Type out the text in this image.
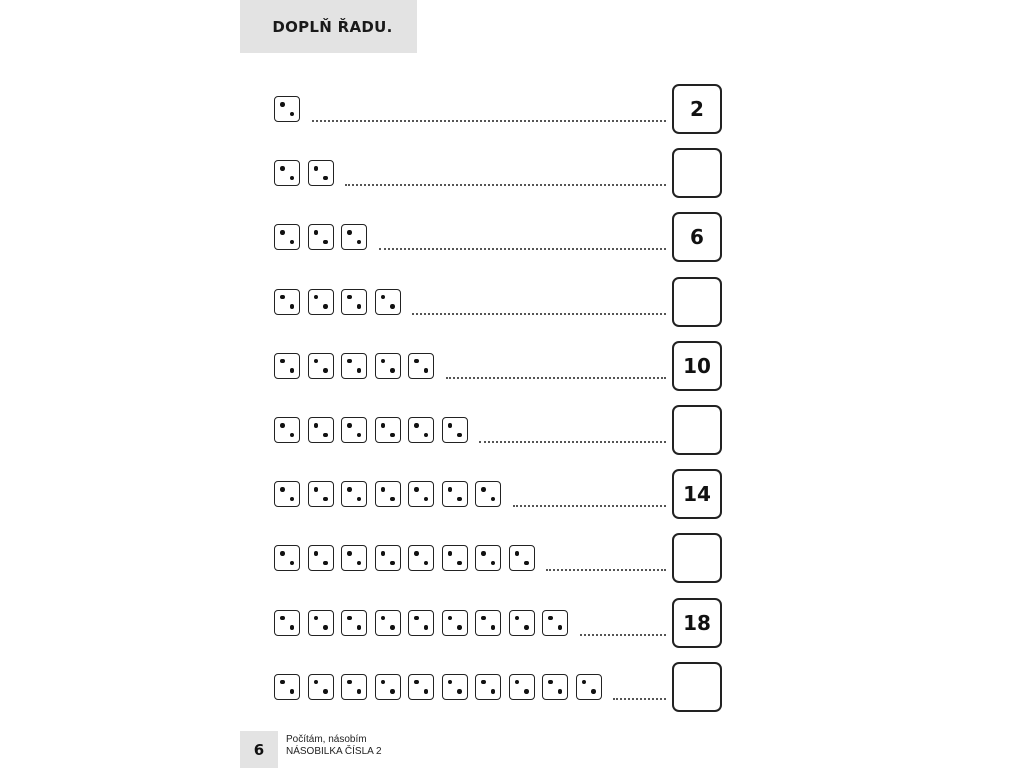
DOPLŇ ŘADU.
2
6
10
14
18
6
Počítám, násobím
NÁSOBILKA ČÍSLA 2
